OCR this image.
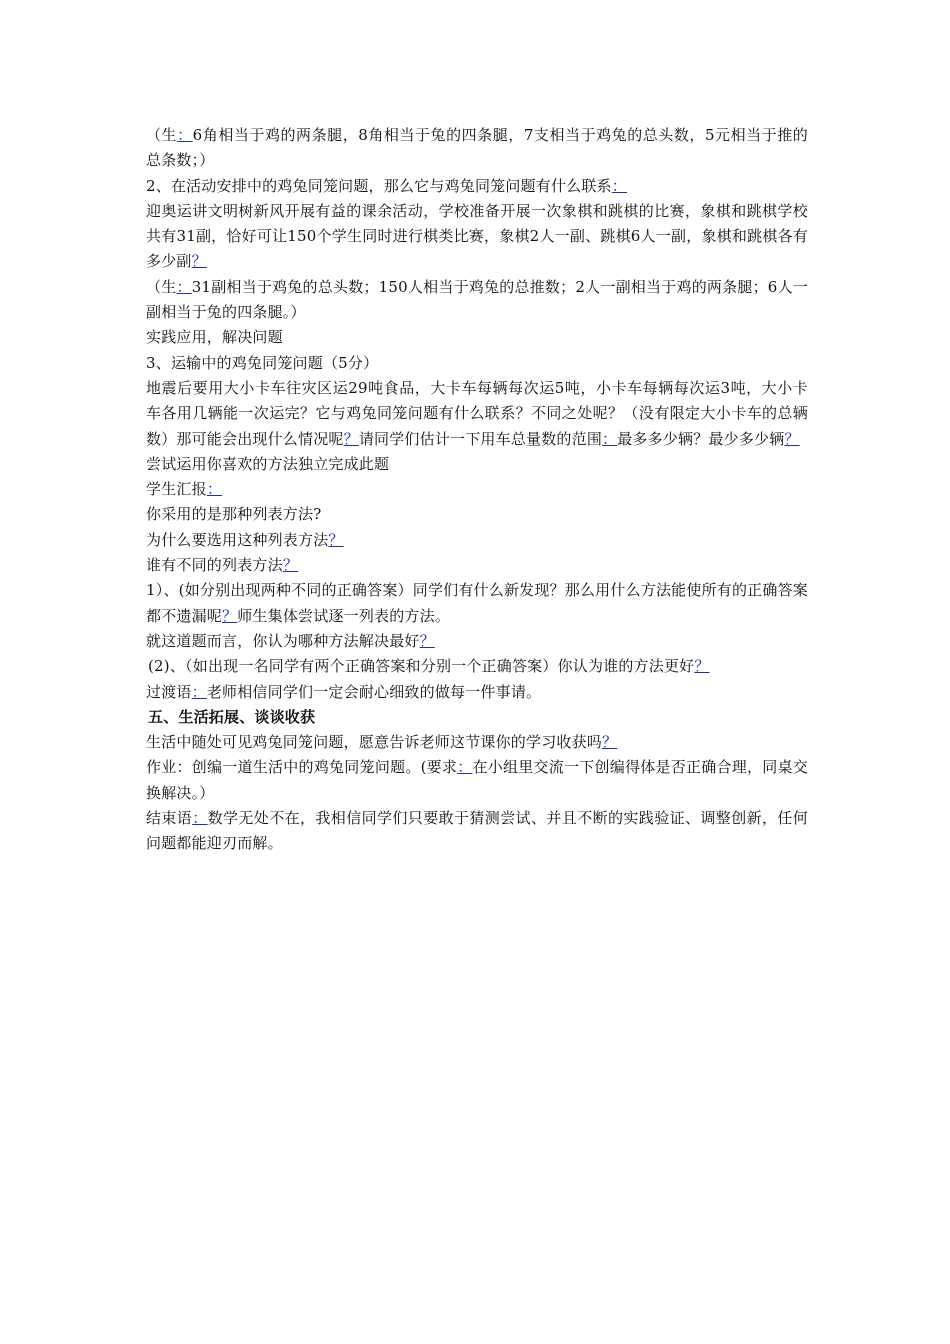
（生：6角相当于鸡的两条腿，8角相当于兔的四条腿，7支相当于鸡兔的总头数，5元相当于推的总条数；）

2、在活动安排中的鸡兔同笼问题，那么它与鸡兔同笼问题有什么联系：

迎奥运讲文明树新风开展有益的课余活动，学校准备开展一次象棋和跳棋的比赛，象棋和跳棋学校共有31副，恰好可让150个学生同时进行棋类比赛，象棋2人一副、跳棋6人一副，象棋和跳棋各有多少副？

（生：31副相当于鸡兔的总头数；150人相当于鸡兔的总推数；2人一副相当于鸡的两条腿；6人一副相当于兔的四条腿。）

实践应用，解决问题

3、运输中的鸡兔同笼问题（5分）

地震后要用大小卡车往灾区运29吨食品，大卡车每辆每次运5吨，小卡车每辆每次运3吨，大小卡车各用几辆能一次运完？它与鸡兔同笼问题有什么联系？不同之处呢？（没有限定大小卡车的总辆数）那可能会出现什么情况呢？请同学们估计一下用车总量数的范围：最多多少辆？最少多少辆？

尝试运用你喜欢的方法独立完成此题

学生汇报：

你采用的是那种列表方法?

为什么要选用这种列表方法？

谁有不同的列表方法？

1）、(如分别出现两种不同的正确答案）同学们有什么新发现？那么用什么方法能使所有的正确答案都不遗漏呢？师生集体尝试逐一列表的方法。

就这道题而言，你认为哪种方法解决最好？

(2)、（如出现一名同学有两个正确答案和分别一个正确答案）你认为谁的方法更好？

过渡语：老师相信同学们一定会耐心细致的做每一件事请。

五、生活拓展、谈谈收获

生活中随处可见鸡兔同笼问题，愿意告诉老师这节课你的学习收获吗？

作业：创编一道生活中的鸡兔同笼问题。(要求：在小组里交流一下创编得体是否正确合理，同桌交换解决。）

结束语：数学无处不在，我相信同学们只要敢于猜测尝试、并且不断的实践验证、调整创新，任何问题都能迎刃而解。
